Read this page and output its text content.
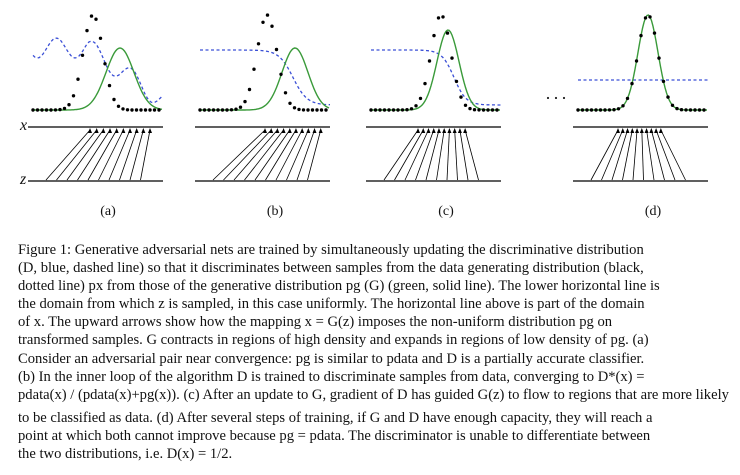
x
z
(a)	(b)	(c)
···
(d)
Figure 1: Generative adversarial nets are trained by simultaneously updating the discriminative distribution
(D, blue, dashed line) so that it discriminates between samples from the data generating distribution (black,
dotted line) px from those of the generative distribution pg (G) (green, solid line). The lower horizontal line is
the domain from which z is sampled, in this case uniformly. The horizontal line above is part of the domain
of x. The upward arrows show how the mapping x = G(z) imposes the non-uniform distribution pg on
transformed samples. G contracts in regions of high density and expands in regions of low density of pg. (a)
Consider an adversarial pair near convergence: pg is similar to pdata and D is a partially accurate classifier.
(b) In the inner loop of the algorithm D is trained to discriminate samples from data, converging to D*(x) =
pdata(x) / (pdata(x)+pg(x)). (c) After an update to G, gradient of D has guided G(z) to flow to regions that are more likely
to be classified as data. (d) After several steps of training, if G and D have enough capacity, they will reach a
point at which both cannot improve because pg = pdata. The discriminator is unable to differentiate between
the two distributions, i.e. D(x) = 1/2.
